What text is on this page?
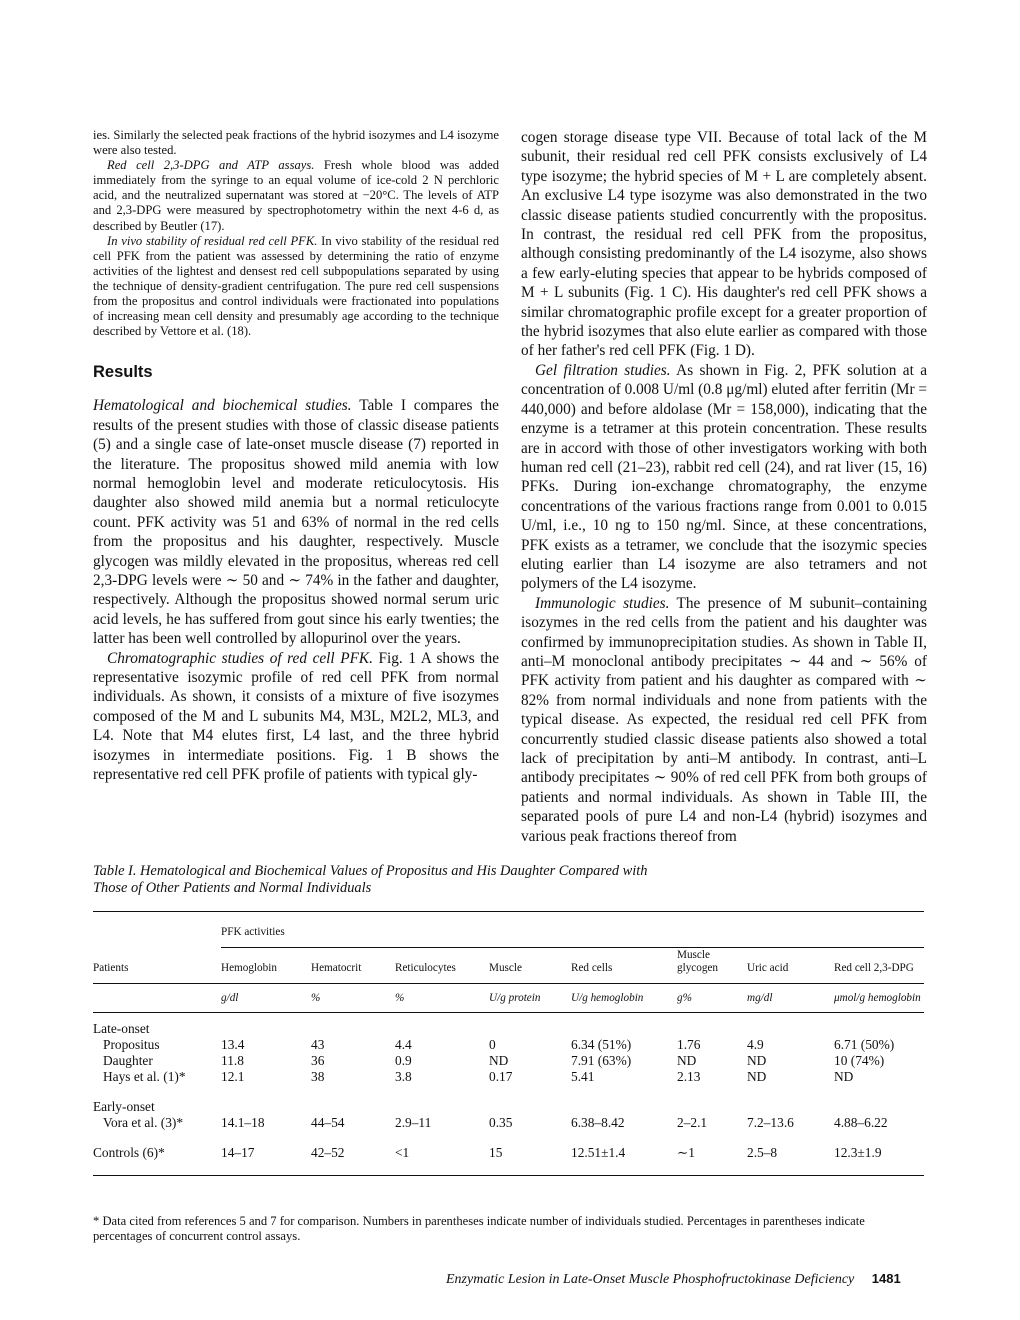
ies. Similarly the selected peak fractions of the hybrid isozymes and L4 isozyme were also tested.

Red cell 2,3-DPG and ATP assays. Fresh whole blood was added immediately from the syringe to an equal volume of ice-cold 2 N perchloric acid, and the neutralized supernatant was stored at −20°C. The levels of ATP and 2,3-DPG were measured by spectrophotometry within the next 4-6 d, as described by Beutler (17).

In vivo stability of residual red cell PFK. In vivo stability of the residual red cell PFK from the patient was assessed by determining the ratio of enzyme activities of the lightest and densest red cell subpopulations separated by using the technique of density-gradient centrifugation. The pure red cell suspensions from the propositus and control individuals were fractionated into populations of increasing mean cell density and presumably age according to the technique described by Vettore et al. (18).

Results

Hematological and biochemical studies. Table I compares the results of the present studies with those of classic disease patients (5) and a single case of late-onset muscle disease (7) reported in the literature. The propositus showed mild anemia with low normal hemoglobin level and moderate reticulocytosis. His daughter also showed mild anemia but a normal reticulocyte count. PFK activity was 51 and 63% of normal in the red cells from the propositus and his daughter, respectively. Muscle glycogen was mildly elevated in the propositus, whereas red cell 2,3-DPG levels were ∼ 50 and ∼ 74% in the father and daughter, respectively. Although the propositus showed normal serum uric acid levels, he has suffered from gout since his early twenties; the latter has been well controlled by allopurinol over the years.

Chromatographic studies of red cell PFK. Fig. 1 A shows the representative isozymic profile of red cell PFK from normal individuals. As shown, it consists of a mixture of five isozymes composed of the M and L subunits M4, M3L, M2L2, ML3, and L4. Note that M4 elutes first, L4 last, and the three hybrid isozymes in intermediate positions. Fig. 1 B shows the representative red cell PFK profile of patients with typical gly-

cogen storage disease type VII. Because of total lack of the M subunit, their residual red cell PFK consists exclusively of L4 type isozyme; the hybrid species of M + L are completely absent. An exclusive L4 type isozyme was also demonstrated in the two classic disease patients studied concurrently with the propositus. In contrast, the residual red cell PFK from the propositus, although consisting predominantly of the L4 isozyme, also shows a few early-eluting species that appear to be hybrids composed of M + L subunits (Fig. 1 C). His daughter's red cell PFK shows a similar chromatographic profile except for a greater proportion of the hybrid isozymes that also elute earlier as compared with those of her father's red cell PFK (Fig. 1 D).

Gel filtration studies. As shown in Fig. 2, PFK solution at a concentration of 0.008 U/ml (0.8 μg/ml) eluted after ferritin (Mr = 440,000) and before aldolase (Mr = 158,000), indicating that the enzyme is a tetramer at this protein concentration. These results are in accord with those of other investigators working with both human red cell (21–23), rabbit red cell (24), and rat liver (15, 16) PFKs. During ion-exchange chromatography, the enzyme concentrations of the various fractions range from 0.001 to 0.015 U/ml, i.e., 10 ng to 150 ng/ml. Since, at these concentrations, PFK exists as a tetramer, we conclude that the isozymic species eluting earlier than L4 isozyme are also tetramers and not polymers of the L4 isozyme.

Immunologic studies. The presence of M subunit–containing isozymes in the red cells from the patient and his daughter was confirmed by immunoprecipitation studies. As shown in Table II, anti–M monoclonal antibody precipitates ∼ 44 and ∼ 56% of PFK activity from patient and his daughter as compared with ∼ 82% from normal individuals and none from patients with the typical disease. As expected, the residual red cell PFK from concurrently studied classic disease patients also showed a total lack of precipitation by anti–M antibody. In contrast, anti–L antibody precipitates ∼ 90% of red cell PFK from both groups of patients and normal individuals. As shown in Table III, the separated pools of pure L4 and non-L4 (hybrid) isozymes and various peak fractions thereof from

Table I. Hematological and Biochemical Values of Propositus and His Daughter Compared with Those of Other Patients and Normal Individuals

	PFK activities							
Patients	Hemoglobin	Hematocrit	Reticulocytes	Muscle	Red cells	Muscle glycogen	Uric acid	Red cell 2,3-DPG
	g/dl	%	%	U/g protein	U/g hemoglobin	g%	mg/dl	μmol/g hemoglobin
Late-onset								
Propositus	13.4	43	4.4	0	6.34 (51%)	1.76	4.9	6.71 (50%)
Daughter	11.8	36	0.9	ND	7.91 (63%)	ND	ND	10 (74%)
Hays et al. (1)*	12.1	38	3.8	0.17	5.41	2.13	ND	ND
Early-onset								
Vora et al. (3)*	14.1–18	44–54	2.9–11	0.35	6.38–8.42	2–2.1	7.2–13.6	4.88–6.22
Controls (6)*	14–17	42–52	<1	15	12.51±1.4	∼1	2.5–8	12.3±1.9
* Data cited from references 5 and 7 for comparison. Numbers in parentheses indicate number of individuals studied. Percentages in parentheses indicate percentages of concurrent control assays.
Enzymatic Lesion in Late-Onset Muscle Phosphofructokinase Deficiency 1481
